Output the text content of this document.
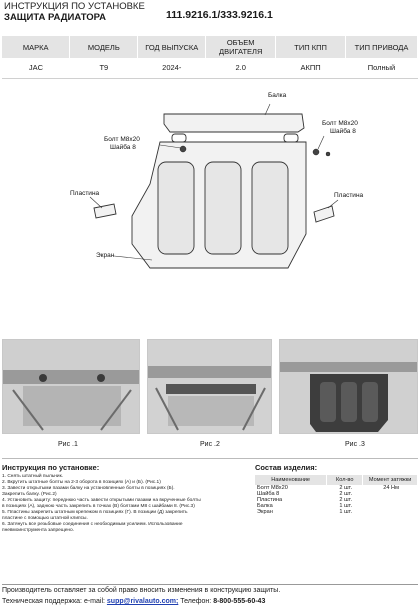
ИНСТРУКЦИЯ ПО УСТАНОВКЕ
ЗАЩИТА РАДИАТОРА	111.9216.1/333.9216.1
МАРКА	МОДЕЛЬ	ГОД ВЫПУСКА	ОБЪЕМ ДВИГАТЕЛЯ	ТИП КПП	ТИП ПРИВОДА
JAC	T9	2024-	2.0	АКПП	Полный
Балка
Болт М8x20
Шайба 8
Болт М8x20
Шайба 8
Пластина	Пластина
Экран
Рис .1	Рис .2	Рис .3
Инструкция по установке:
1. Снять штатный пыльник.
2. Вкрутить штатные болты на 2-3 оборота в позициях (А) и (Б). (Рис.1)
3. Завести открытыми пазами балку на установленные болты в позициях (Б).
Закрепить балку. (Рис.2)
4. Установить защиту: переднюю часть завести открытыми пазами на вкрученные болты
в позициях (А), заднюю часть закрепить в точках (В) болтами М8 с шайбами 8. (Рис.3)
5. Пластины закрепить штатным крепежом в позициях (Г). В позиции (Д) закрепить
пластине с помощью штатной клипсы.
6. Затянуть все резьбовые соединения с необходимым усилием. Использование
пневмоинструмента запрещено.
Состав изделия:
Наименование	Кол-во	Момент затяжки
Болт М8x20	2 шт.	24 Нм
Шайба 8	2 шт.	
Пластина	2 шт.	
Балка	1 шт.	
Экран	1 шт.	
Производитель оставляет за собой право вносить изменения в конструкцию защиты.
Техническая поддержка: e-mail: supp@rivalauto.com; Телефон: 8-800-555-60-43
